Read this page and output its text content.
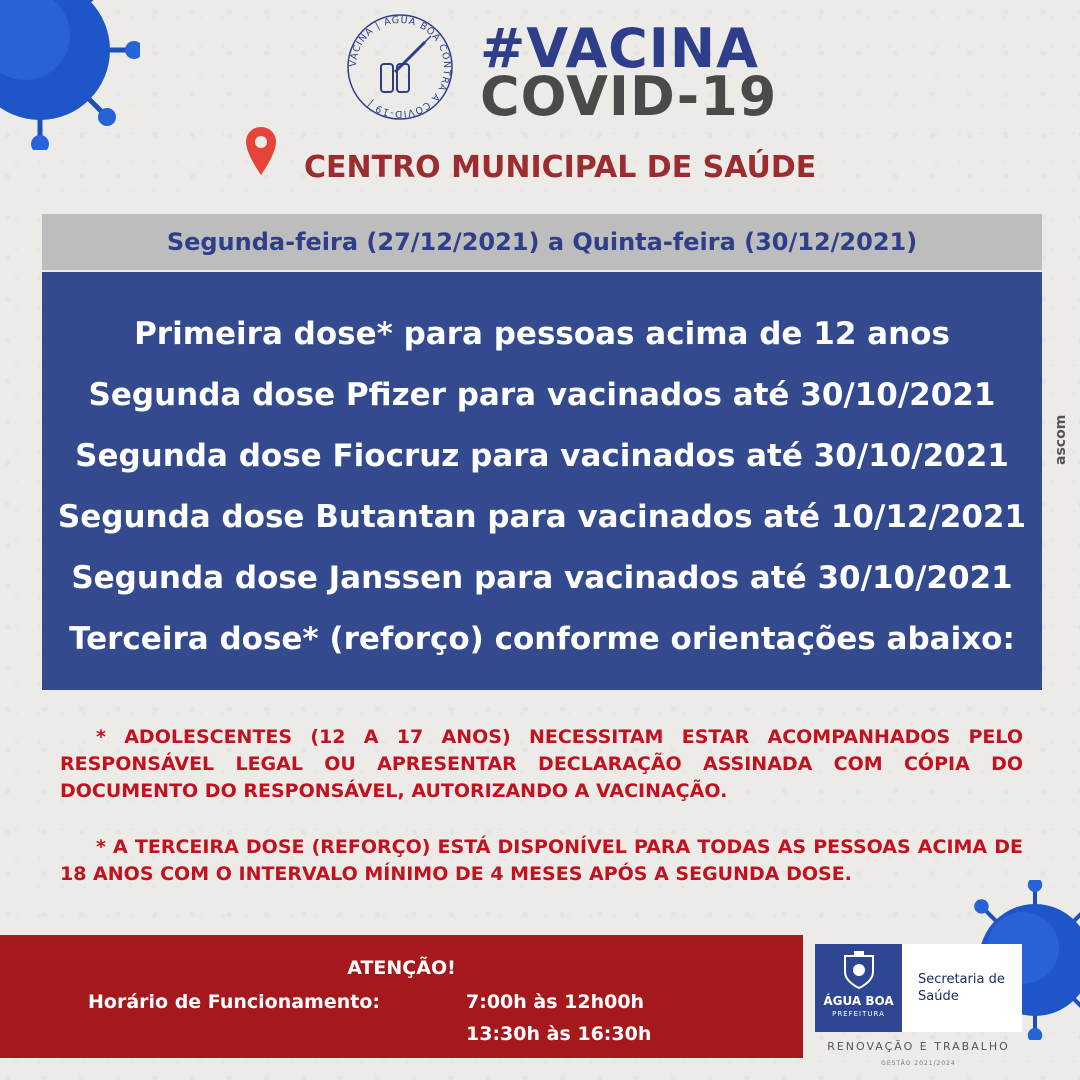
VACINA | ÁGUA BOA CONTRA A COVID-19 |
#VACINA
COVID-19
CENTRO MUNICIPAL DE SAÚDE
Segunda-feira (27/12/2021) a Quinta-feira (30/12/2021)
Primeira dose* para pessoas acima de 12 anos
Segunda dose Pfizer para vacinados até 30/10/2021
Segunda dose Fiocruz para vacinados até 30/10/2021
Segunda dose Butantan para vacinados até 10/12/2021
Segunda dose Janssen para vacinados até 30/10/2021
Terceira dose* (reforço) conforme orientações abaixo:
* ADOLESCENTES (12 A 17 ANOS) NECESSITAM ESTAR ACOMPANHADOS PELO RESPONSÁVEL LEGAL OU APRESENTAR DECLARAÇÃO ASSINADA COM CÓPIA DO DOCUMENTO DO RESPONSÁVEL, AUTORIZANDO A VACINAÇÃO.
* A TERCEIRA DOSE (REFORÇO) ESTÁ DISPONÍVEL PARA TODAS AS PESSOAS ACIMA DE 18 ANOS COM O INTERVALO MÍNIMO DE 4 MESES APÓS A SEGUNDA DOSE.
ATENÇÃO!
Horário de Funcionamento:	7:00h às 12h00h
13:30h às 16:30h
ÁGUA BOA
PREFEITURA
Secretaria de
Saúde
RENOVAÇÃO E TRABALHO
GESTÃO 2021/2024
ascom
